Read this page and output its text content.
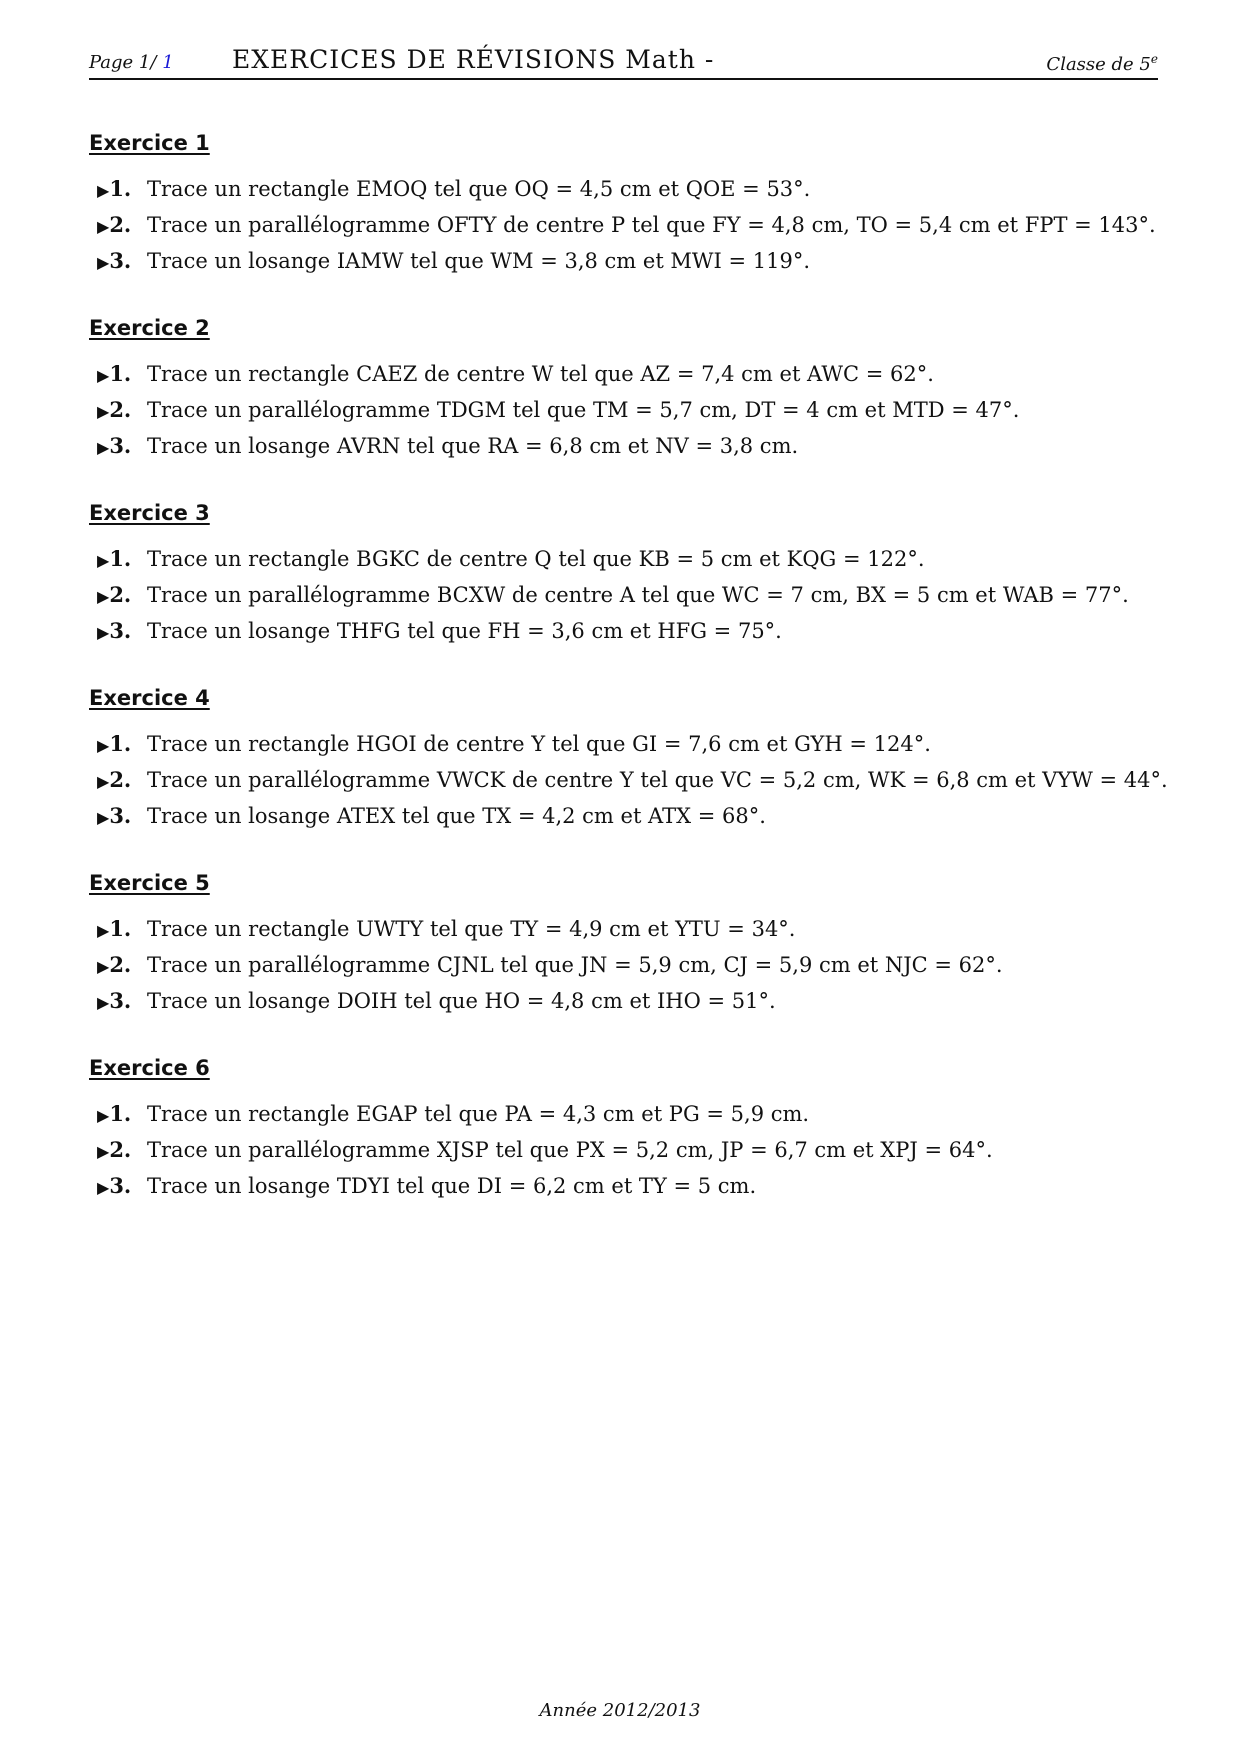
Page 1/ 1 EXERCICES DE RÉVISIONS Math -	Classe de 5e
Exercice 1
▶1. Trace un rectangle EMOQ tel que OQ = 4,5 cm et QOE = 53°.
▶2. Trace un parallélogramme OFTY de centre P tel que FY = 4,8 cm, TO = 5,4 cm et FPT = 143°.
▶3. Trace un losange IAMW tel que WM = 3,8 cm et MWI = 119°.
Exercice 2
▶1. Trace un rectangle CAEZ de centre W tel que AZ = 7,4 cm et AWC = 62°.
▶2. Trace un parallélogramme TDGM tel que TM = 5,7 cm, DT = 4 cm et MTD = 47°.
▶3. Trace un losange AVRN tel que RA = 6,8 cm et NV = 3,8 cm.
Exercice 3
▶1. Trace un rectangle BGKC de centre Q tel que KB = 5 cm et KQG = 122°.
▶2. Trace un parallélogramme BCXW de centre A tel que WC = 7 cm, BX = 5 cm et WAB = 77°.
▶3. Trace un losange THFG tel que FH = 3,6 cm et HFG = 75°.
Exercice 4
▶1. Trace un rectangle HGOI de centre Y tel que GI = 7,6 cm et GYH = 124°.
▶2. Trace un parallélogramme VWCK de centre Y tel que VC = 5,2 cm, WK = 6,8 cm et VYW = 44°.
▶3. Trace un losange ATEX tel que TX = 4,2 cm et ATX = 68°.
Exercice 5
▶1. Trace un rectangle UWTY tel que TY = 4,9 cm et YTU = 34°.
▶2. Trace un parallélogramme CJNL tel que JN = 5,9 cm, CJ = 5,9 cm et NJC = 62°.
▶3. Trace un losange DOIH tel que HO = 4,8 cm et IHO = 51°.
Exercice 6
▶1. Trace un rectangle EGAP tel que PA = 4,3 cm et PG = 5,9 cm.
▶2. Trace un parallélogramme XJSP tel que PX = 5,2 cm, JP = 6,7 cm et XPJ = 64°.
▶3. Trace un losange TDYI tel que DI = 6,2 cm et TY = 5 cm.
Année 2012/2013
